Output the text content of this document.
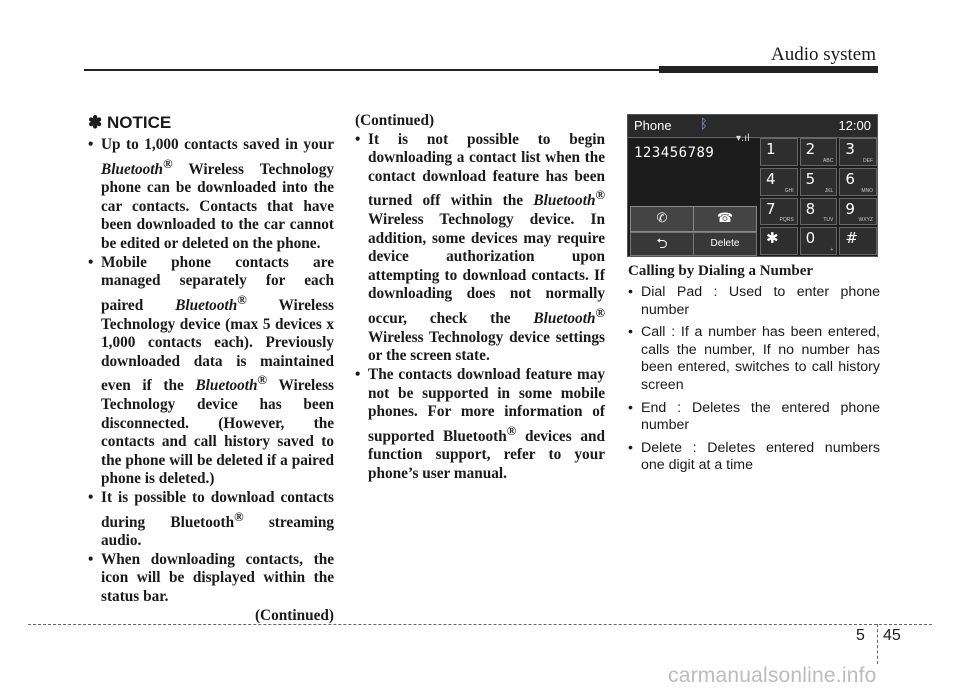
Audio system
✽ NOTICE
• Up to 1,000 contacts saved in your Bluetooth® Wireless Technology phone can be downloaded into the car contacts. Contacts that have been downloaded to the car cannot be edited or deleted on the phone.
• Mobile phone contacts are managed separately for each paired Bluetooth® Wireless Technology device (max 5 devices x 1,000 contacts each). Previously downloaded data is maintained even if the Bluetooth® Wireless Technology device has been disconnected. (However, the contacts and call history saved to the phone will be deleted if a paired phone is deleted.)
• It is possible to download contacts during Bluetooth® streaming audio.
• When downloading contacts, the icon will be displayed within the status bar.
(Continued)
(Continued)
• It is not possible to begin downloading a contact list when the contact download feature has been turned off within the Bluetooth® Wireless Technology device. In addition, some devices may require device authorization upon attempting to download contacts. If downloading does not normally occur, check the Bluetooth® Wireless Technology device settings or the screen state.
• The contacts download feature may not be supported in some mobile phones. For more information of supported Bluetooth® devices and function support, refer to your phone’s user manual.
Phone ᛒ	12:00
▾.ıl
123456789
✆	☎
⮌	Delete
1 2
ABC
3
DEF
4
GHI
5
JKL
6
MNO
7
PQRS
8
TUV
9
WXYZ
✱ 0
+
#
Calling by Dialing a Number
• Dial Pad : Used to enter phone number
• Call : If a number has been entered, calls the number, If no number has been entered, switches to call history screen
• End : Deletes the entered phone number
• Delete : Deletes entered numbers one digit at a time
5 45
carmanualsonline.info
